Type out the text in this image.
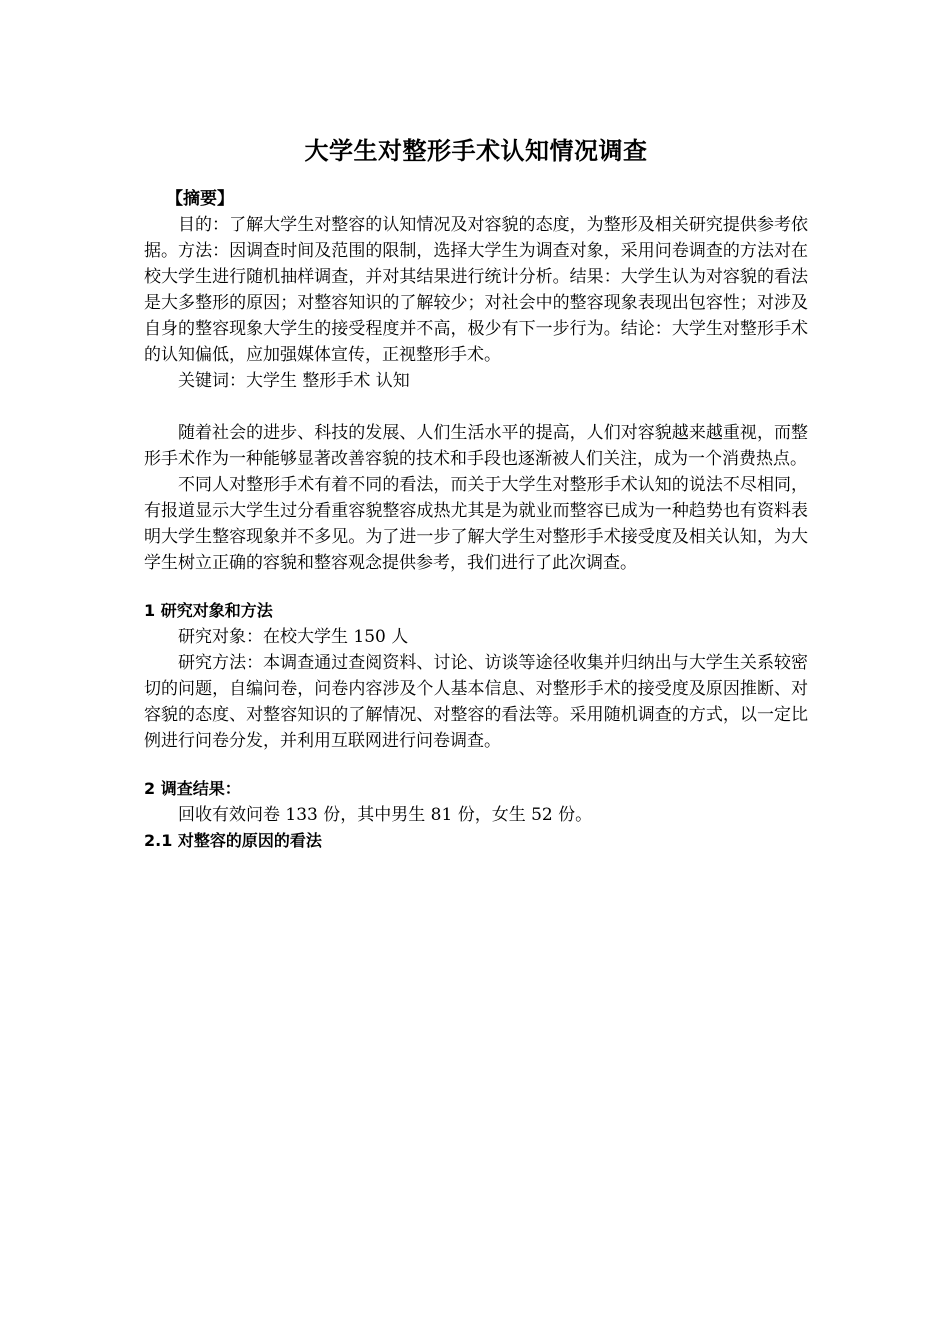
大学生对整形手术认知情况调查
【摘要】

目的：了解大学生对整容的认知情况及对容貌的态度，为整形及相关研究提供参考依据。方法：因调查时间及范围的限制，选择大学生为调查对象，采用问卷调查的方法对在校大学生进行随机抽样调查，并对其结果进行统计分析。结果：大学生认为对容貌的看法是大多整形的原因；对整容知识的了解较少；对社会中的整容现象表现出包容性；对涉及自身的整容现象大学生的接受程度并不高，极少有下一步行为。结论：大学生对整形手术的认知偏低，应加强媒体宣传，正视整形手术。

关键词：大学生 整形手术 认知

随着社会的进步、科技的发展、人们生活水平的提高，人们对容貌越来越重视，而整形手术作为一种能够显著改善容貌的技术和手段也逐渐被人们关注，成为一个消费热点。

不同人对整形手术有着不同的看法，而关于大学生对整形手术认知的说法不尽相同，有报道显示大学生过分看重容貌整容成热尤其是为就业而整容已成为一种趋势也有资料表明大学生整容现象并不多见。为了进一步了解大学生对整形手术接受度及相关认知，为大学生树立正确的容貌和整容观念提供参考，我们进行了此次调查。

1 研究对象和方法

研究对象：在校大学生 150 人

研究方法：本调查通过查阅资料、讨论、访谈等途径收集并归纳出与大学生关系较密切的问题，自编问卷，问卷内容涉及个人基本信息、对整形手术的接受度及原因推断、对容貌的态度、对整容知识的了解情况、对整容的看法等。采用随机调查的方式，以一定比例进行问卷分发，并利用互联网进行问卷调查。

2 调查结果：

回收有效问卷 133 份，其中男生 81 份，女生 52 份。

2.1 对整容的原因的看法
